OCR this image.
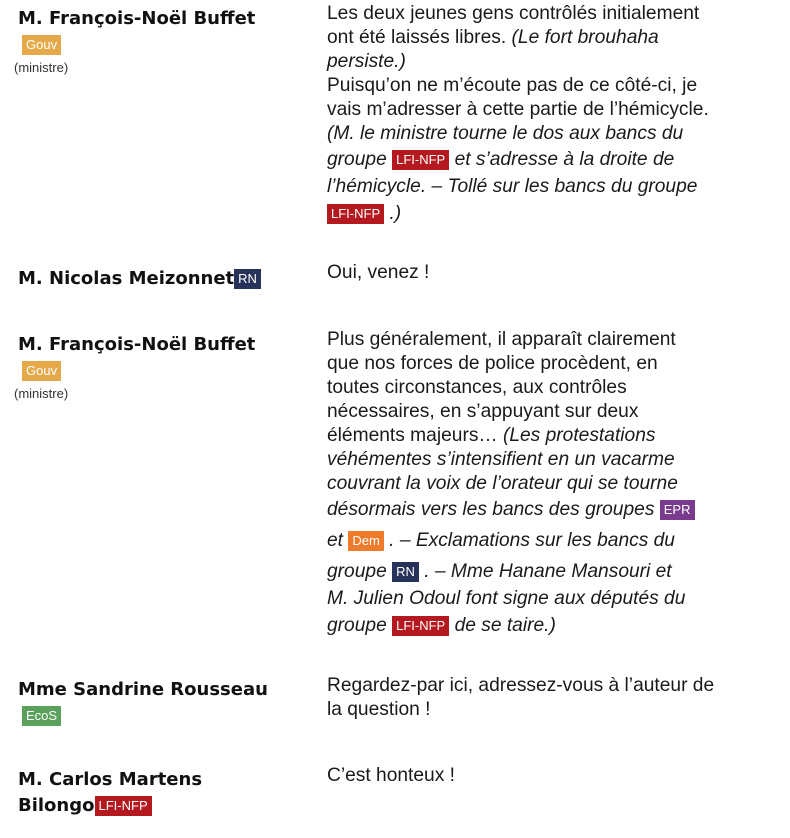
M. François-Noël Buffet
Gouv
(ministre)
Les deux jeunes gens contrôlés initialement
ont été laissés libres. (Le fort brouhaha
persiste.)
Puisqu’on ne m’écoute pas de ce côté-ci, je
vais m’adresser à cette partie de l’hémicycle.
(M. le ministre tourne le dos aux bancs du
groupe LFI-NFP et s’adresse à la droite de
l’hémicycle. – Tollé sur les bancs du groupe
LFI-NFP .)
M. Nicolas Meizonnet RN	Oui, venez !
M. François-Noël Buffet
Gouv
(ministre)
Plus généralement, il apparaît clairement
que nos forces de police procèdent, en
toutes circonstances, aux contrôles
nécessaires, en s’appuyant sur deux
éléments majeurs… (Les protestations
véhémentes s’intensifient en un vacarme
couvrant la voix de l’orateur qui se tourne
désormais vers les bancs des groupes EPR
et Dem . – Exclamations sur les bancs du
groupe RN . – Mme Hanane Mansouri et
M. Julien Odoul font signe aux députés du
groupe LFI-NFP de se taire.)
Mme Sandrine Rousseau
EcoS
Regardez-par ici, adressez-vous à l’auteur de
la question !
M. Carlos Martens
Bilongo LFI-NFP
C’est honteux !
